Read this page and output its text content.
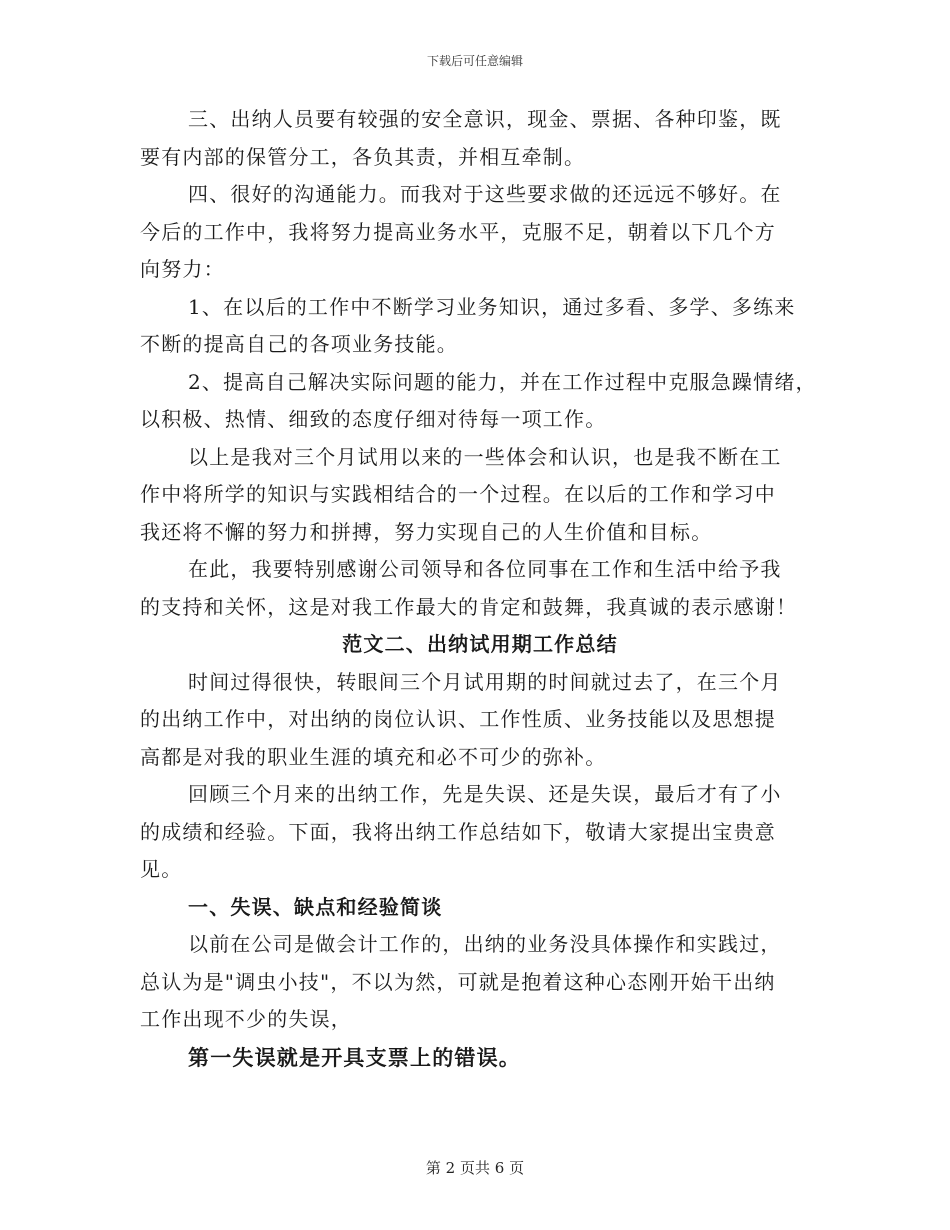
下载后可任意编辑
三、出纳人员要有较强的安全意识，现金、票据、各种印鉴，既
要有内部的保管分工，各负其责，并相互牵制。
四、很好的沟通能力。而我对于这些要求做的还远远不够好。在
今后的工作中，我将努力提高业务水平，克服不足，朝着以下几个方
向努力：
1、在以后的工作中不断学习业务知识，通过多看、多学、多练来
不断的提高自己的各项业务技能。
2、提高自己解决实际问题的能力，并在工作过程中克服急躁情绪，
以积极、热情、细致的态度仔细对待每一项工作。
以上是我对三个月试用以来的一些体会和认识，也是我不断在工
作中将所学的知识与实践相结合的一个过程。在以后的工作和学习中
我还将不懈的努力和拼搏，努力实现自己的人生价值和目标。
在此，我要特别感谢公司领导和各位同事在工作和生活中给予我
的支持和关怀，这是对我工作最大的肯定和鼓舞，我真诚的表示感谢！
范文二、出纳试用期工作总结
时间过得很快，转眼间三个月试用期的时间就过去了，在三个月
的出纳工作中，对出纳的岗位认识、工作性质、业务技能以及思想提
高都是对我的职业生涯的填充和必不可少的弥补。
回顾三个月来的出纳工作，先是失误、还是失误，最后才有了小
的成绩和经验。下面，我将出纳工作总结如下，敬请大家提出宝贵意
见。
一、失误、缺点和经验简谈
以前在公司是做会计工作的，出纳的业务没具体操作和实践过，
总认为是"调虫小技"，不以为然，可就是抱着这种心态刚开始干出纳
工作出现不少的失误，
第一失误就是开具支票上的错误。
第 2 页共 6 页
